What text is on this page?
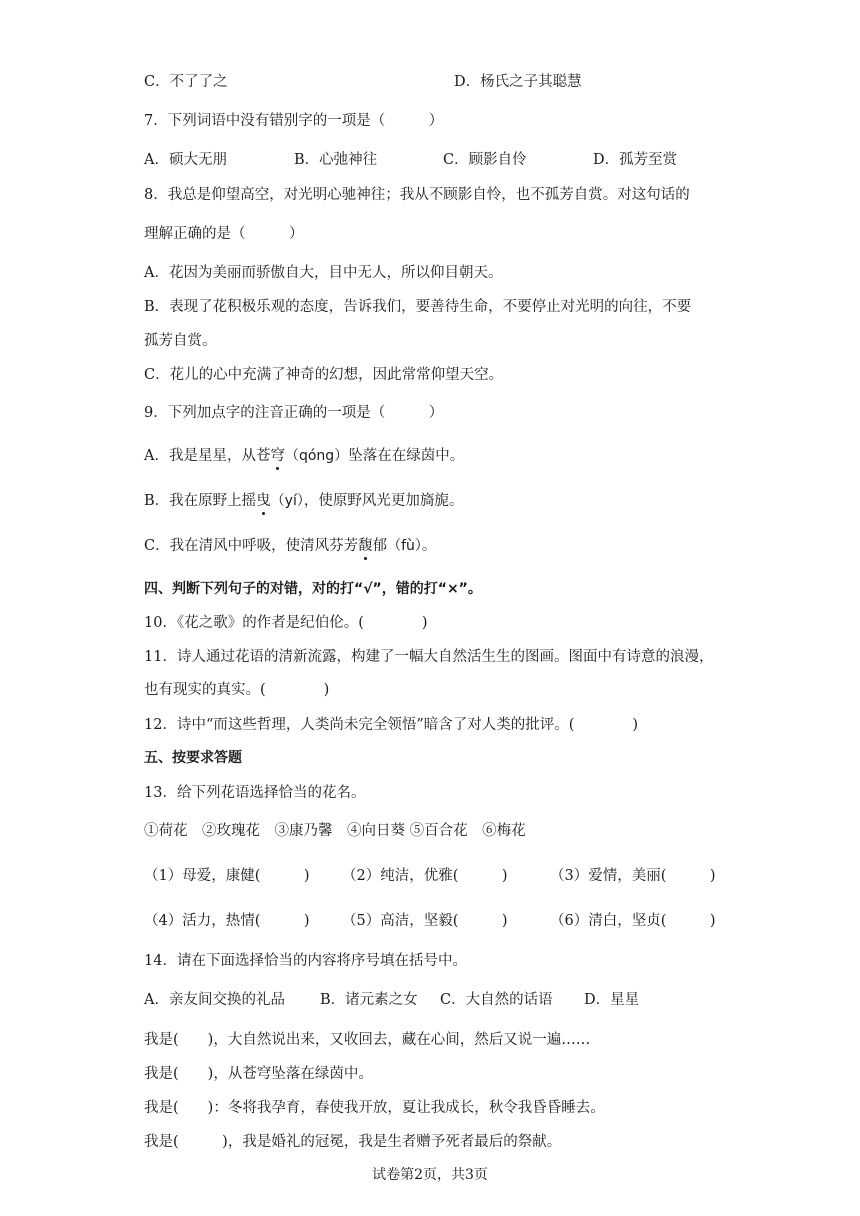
C．不了了之	D．杨氏之子其聪慧
7．下列词语中没有错别字的一项是（　　　）
A．硕大无朋	B．心弛神往	C．顾影自伶	D．孤芳至赏
8．我总是仰望高空，对光明心驰神往；我从不顾影自怜，也不孤芳自赏。对这句话的
理解正确的是（　　　）
A．花因为美丽而骄傲自大，目中无人，所以仰目朝天。
B．表现了花积极乐观的态度，告诉我们，要善待生命，不要停止对光明的向往，不要
孤芳自赏。
C．花儿的心中充满了神奇的幻想，因此常常仰望天空。
9．下列加点字的注音正确的一项是（　　　）
A．我是星星，从苍穹（qóng）坠落在在绿茵中。
B．我在原野上摇曳（yí），使原野风光更加旖旎。
C．我在清风中呼吸，使清风芬芳馥郁（fù）。
四、判断下列句子的对错，对的打“√”，错的打“×”。
10．《花之歌》的作者是纪伯伦。(　　　　)
11．诗人通过花语的清新流露，构建了一幅大自然活生生的图画。图面中有诗意的浪漫，
也有现实的真实。(　　　　)
12．诗中“而这些哲理，人类尚未完全领悟”暗含了对人类的批评。(　　　　)
五、按要求答题
13．给下列花语选择恰当的花名。
①荷花　②玫瑰花　③康乃馨　④向日葵 ⑤百合花　⑥梅花
（1）母爱，康健(　　　) （2）纯洁，优雅(　　　)	（3）爱情，美丽(　　　)
（4）活力，热情(　　　) （5）高洁，坚毅(　　　)	（6）清白，坚贞(　　　)
14．请在下面选择恰当的内容将序号填在括号中。
A．亲友间交换的礼品 B．诸元素之女 C．大自然的话语 D．星星
我是(　　)，大自然说出来，又收回去，藏在心间，然后又说一遍……
我是(　　)，从苍穹坠落在绿茵中。
我是(　　)：冬将我孕育，春使我开放，夏让我成长，秋令我昏昏睡去。
我是(　　　)，我是婚礼的冠冕，我是生者赠予死者最后的祭献。
试卷第2页，共3页
